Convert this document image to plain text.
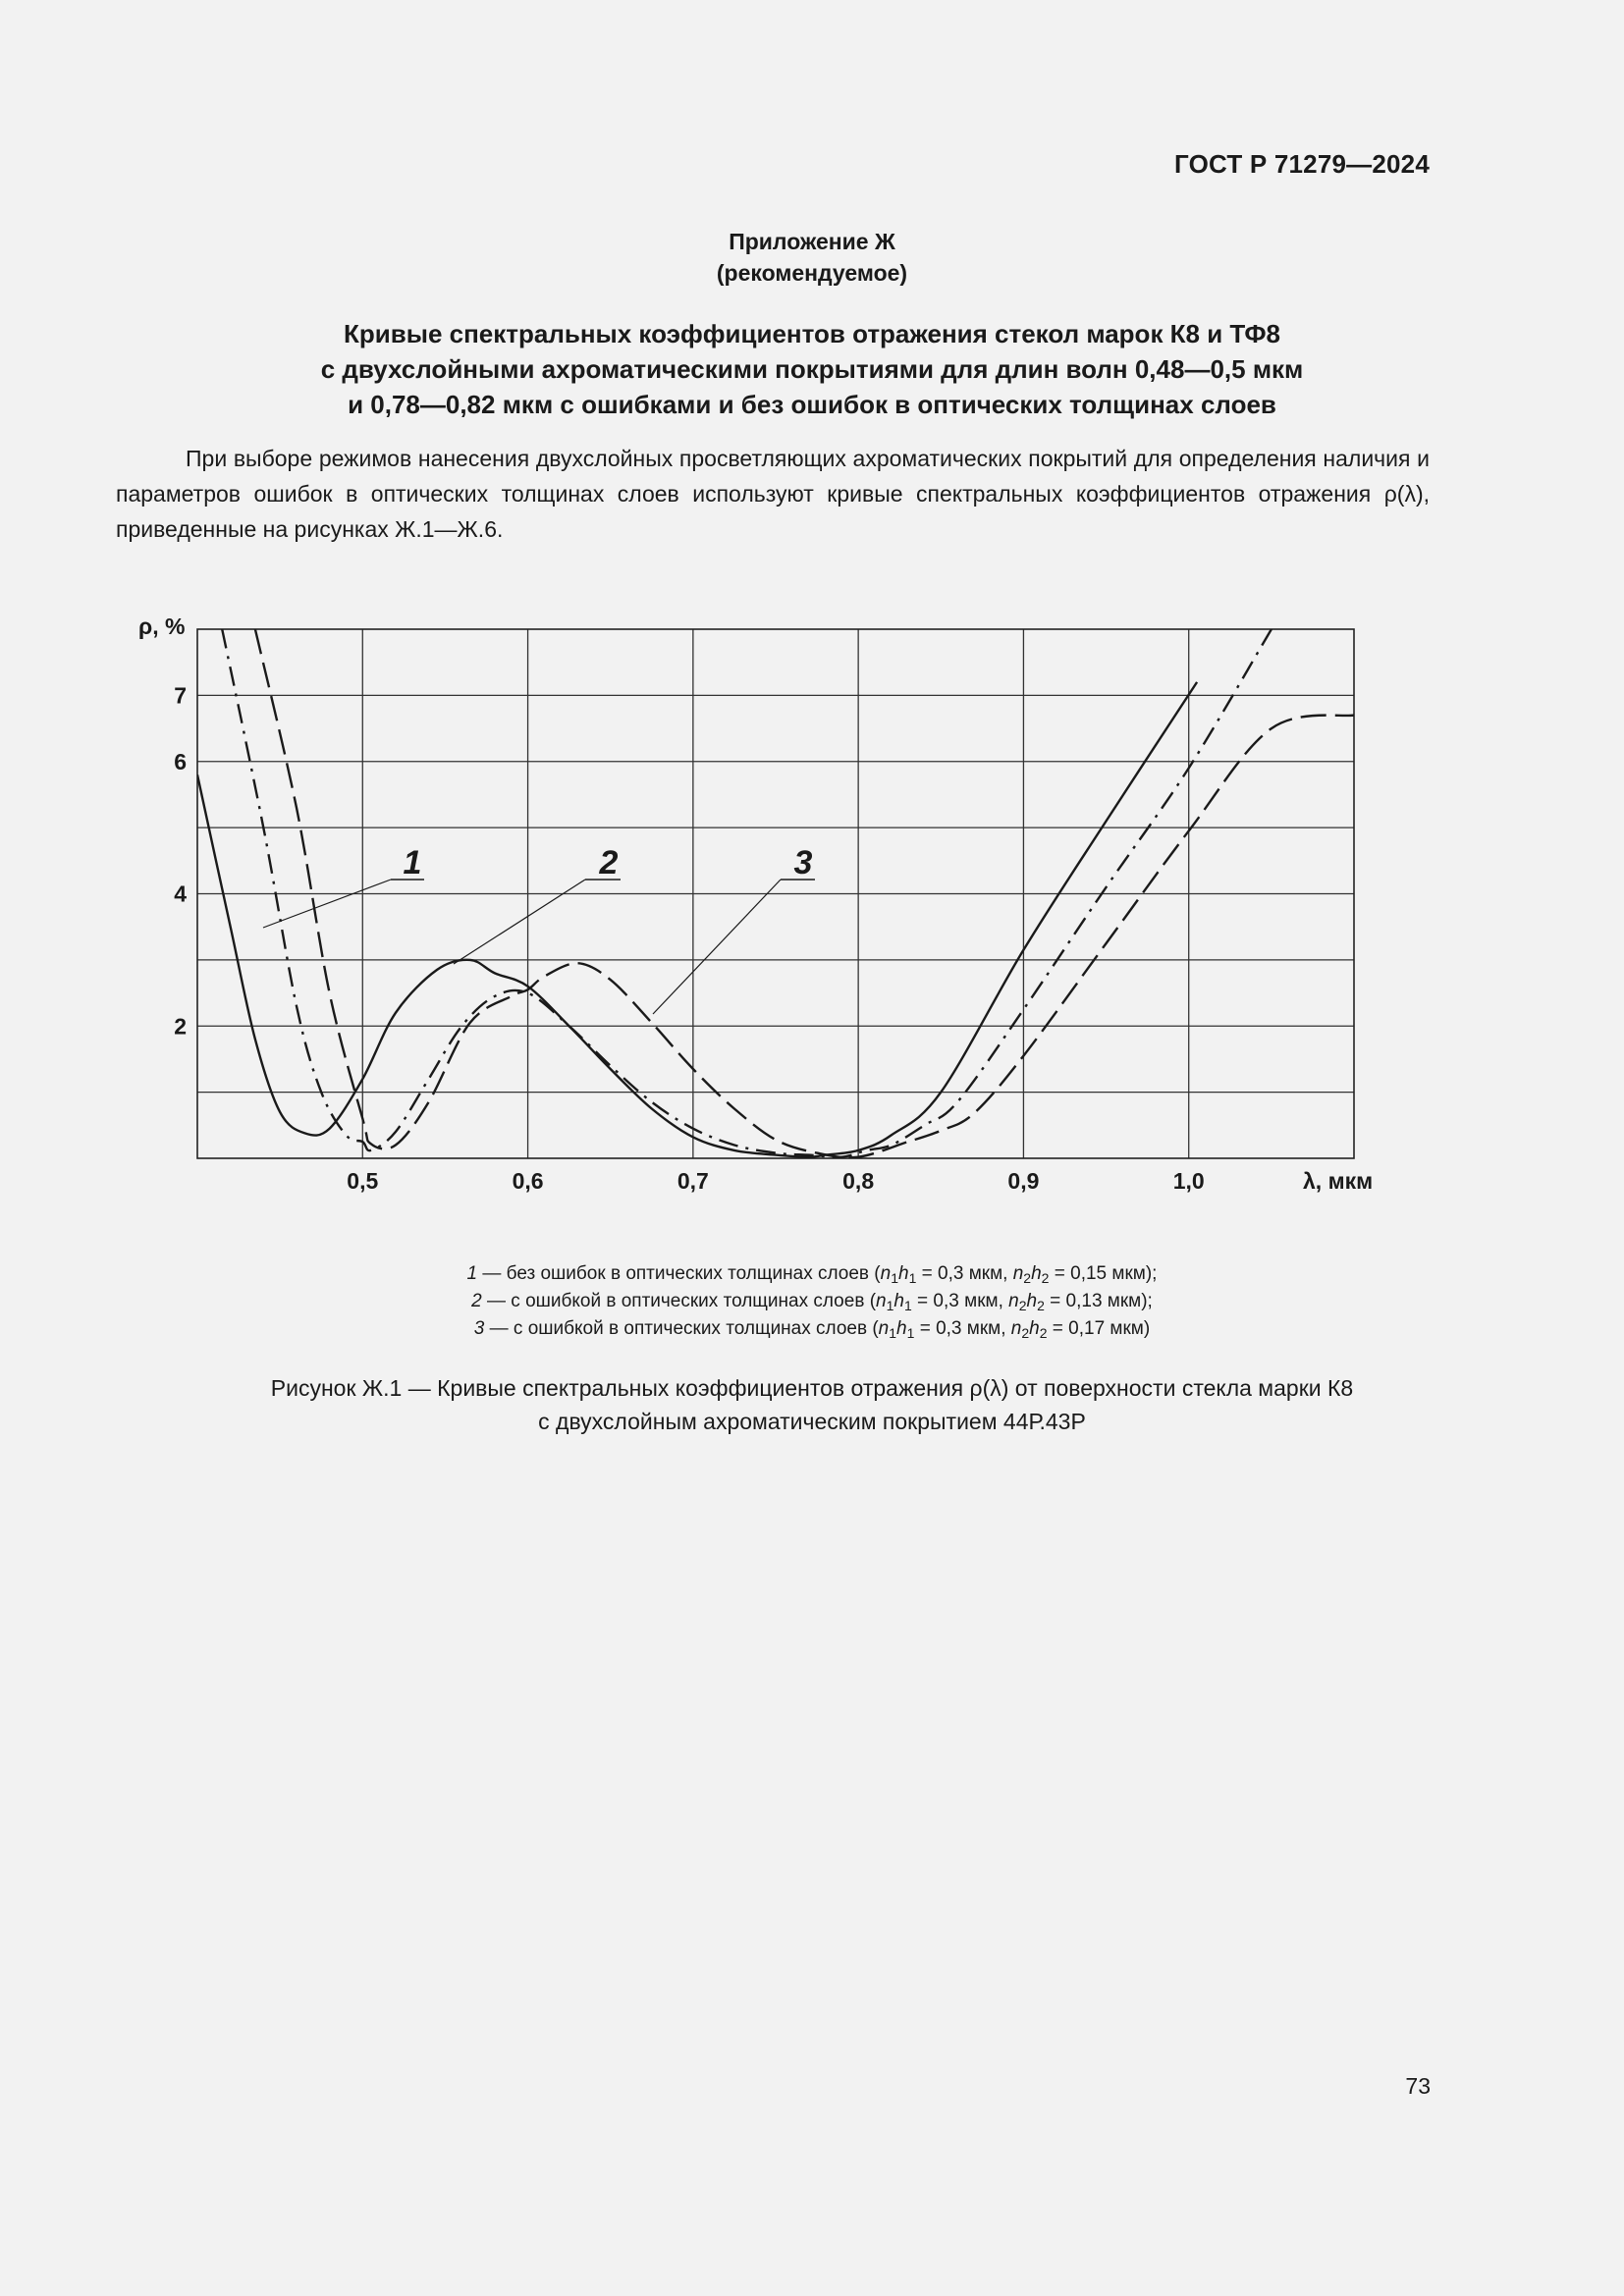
ГОСТ Р 71279—2024
Приложение Ж
(рекомендуемое)
Кривые спектральных коэффициентов отражения стекол марок К8 и ТФ8
с двухслойными ахроматическими покрытиями для длин волн 0,48—0,5 мкм
и 0,78—0,82 мкм с ошибками и без ошибок в оптических толщинах слоев

При выборе режимов нанесения двухслойных просветляющих ахроматических покрытий для определения наличия и параметров ошибок в оптических толщинах слоев используют кривые спектральных коэффициентов отражения ρ(λ), приведенные на рисунках Ж.1—Ж.6.

0,5	0,6	0,7	0,8	0,9	1,0
2
4
6
7
λ, мкм
ρ, %
1	2	3
1 — без ошибок в оптических толщинах слоев ($n_1h_1 = 0,3$ мкм, $n_2h_2 = 0,15$ мкм);
2 — с ошибкой в оптических толщинах слоев ($n_1h_1 = 0,3$ мкм, $n_2h_2 = 0,13$ мкм);
3 — с ошибкой в оптических толщинах слоев ($n_1h_1 = 0,3$ мкм, $n_2h_2 = 0,17$ мкм)
Рисунок Ж.1 — Кривые спектральных коэффициентов отражения ρ(λ) от поверхности стекла марки К8
с двухслойным ахроматическим покрытием 44Р.43Р
73
